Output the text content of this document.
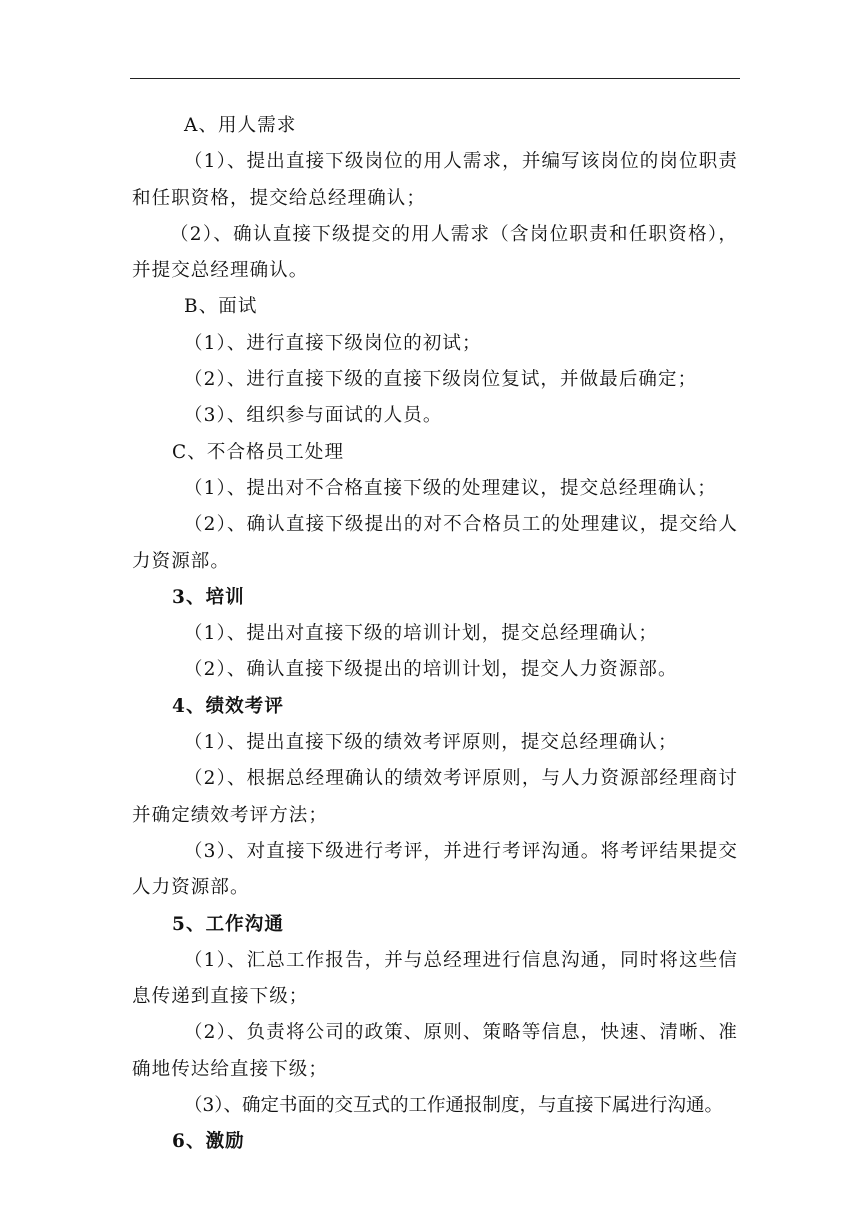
A、用人需求

（1）、提出直接下级岗位的用人需求，并编写该岗位的岗位职责和任职资格，提交给总经理确认；

（2）、确认直接下级提交的用人需求（含岗位职责和任职资格），并提交总经理确认。

B、面试

（1）、进行直接下级岗位的初试；

（2）、进行直接下级的直接下级岗位复试，并做最后确定；

（3）、组织参与面试的人员。

C、不合格员工处理

（1）、提出对不合格直接下级的处理建议，提交总经理确认；

（2）、确认直接下级提出的对不合格员工的处理建议，提交给人力资源部。

3、培训

（1）、提出对直接下级的培训计划，提交总经理确认；

（2）、确认直接下级提出的培训计划，提交人力资源部。

4、绩效考评

（1）、提出直接下级的绩效考评原则，提交总经理确认；

（2）、根据总经理确认的绩效考评原则，与人力资源部经理商讨并确定绩效考评方法；

（3）、对直接下级进行考评，并进行考评沟通。将考评结果提交人力资源部。

5、工作沟通

（1）、汇总工作报告，并与总经理进行信息沟通，同时将这些信息传递到直接下级；

（2）、负责将公司的政策、原则、策略等信息，快速、清晰、准确地传达给直接下级；

（3）、确定书面的交互式的工作通报制度，与直接下属进行沟通。

6、激励
